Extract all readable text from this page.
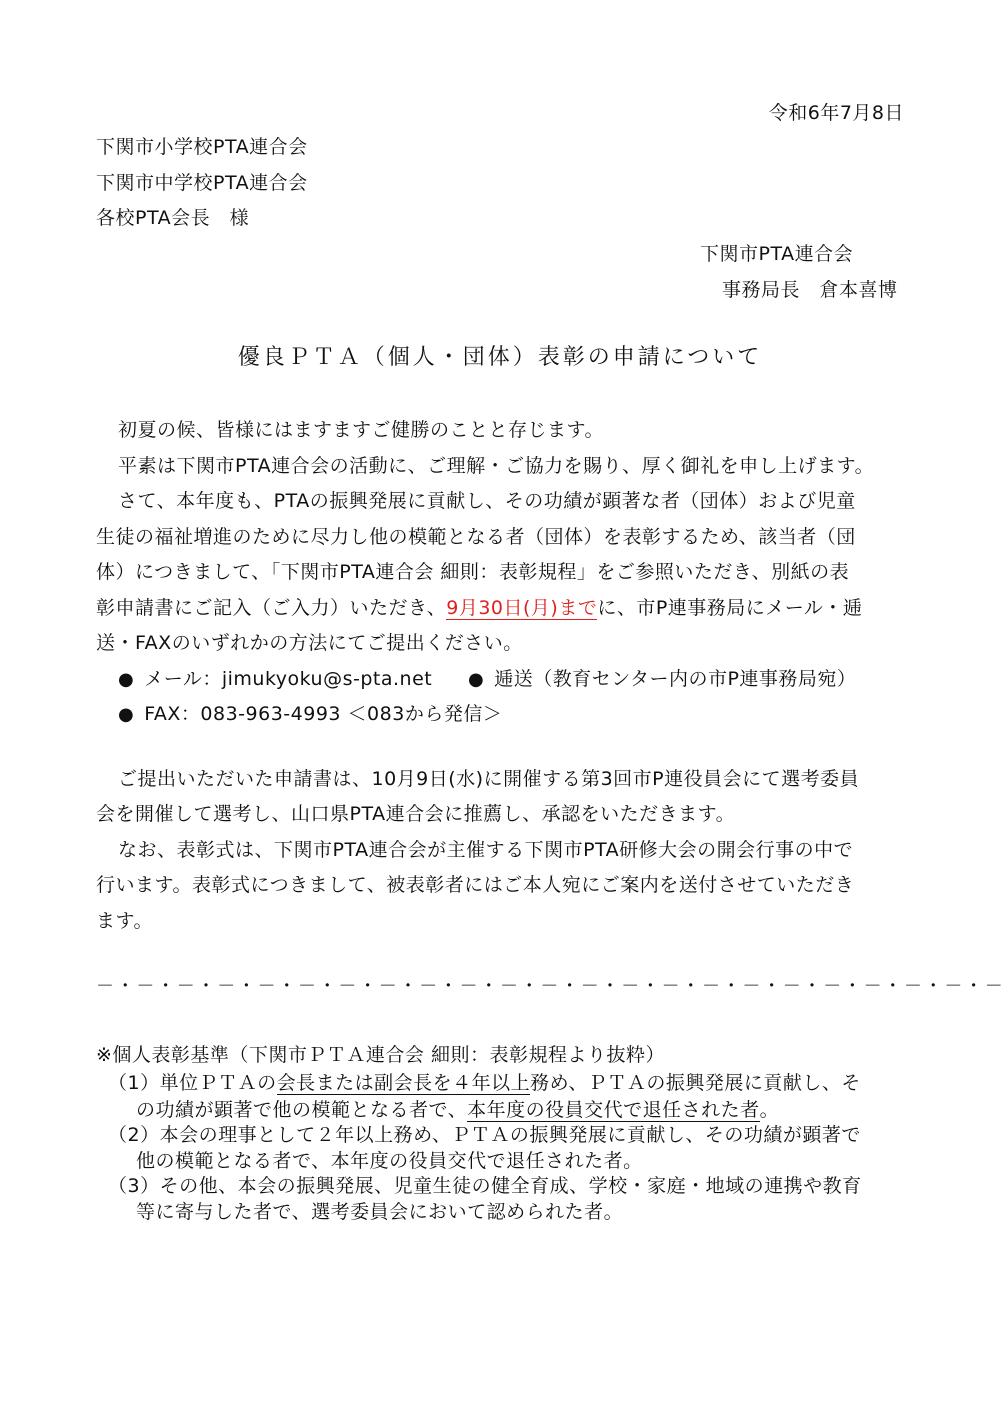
令和6年7月8日
下関市小学校PTA連合会
下関市中学校PTA連合会
各校PTA会長　様
下関市PTA連合会
事務局長　倉本喜博
優良ＰＴＡ（個人・団体）表彰の申請について
初夏の候、皆様にはますますご健勝のことと存じます。
平素は下関市PTA連合会の活動に、ご理解・ご協力を賜り、厚く御礼を申し上げます。
さて、本年度も、PTAの振興発展に貢献し、その功績が顕著な者（団体）および児童
生徒の福祉増進のために尽力し他の模範となる者（団体）を表彰するため、該当者（団
体）につきまして、「下関市PTA連合会 細則：表彰規程」をご参照いただき、別紙の表
彰申請書にご記入（ご入力）いただき、9月30日(月)までに、市P連事務局にメール・逓
送・FAXのいずれかの方法にてご提出ください。
● メール：jimukyoku@s-pta.net ● 逓送（教育センター内の市P連事務局宛）
● FAX：083-963-4993 ＜083から発信＞
ご提出いただいた申請書は、10月9日(水)に開催する第3回市P連役員会にて選考委員
会を開催して選考し、山口県PTA連合会に推薦し、承認をいただきます。
なお、表彰式は、下関市PTA連合会が主催する下関市PTA研修大会の開会行事の中で
行います。表彰式につきまして、被表彰者にはご本人宛にご案内を送付させていただき
ます。
－・－・－・－・－・－・－・－・－・－・－・－・－・－・－・－・－・－・－・－・－・－・－
※個人表彰基準（下関市ＰＴＡ連合会 細則：表彰規程より抜粋）
（1）単位ＰＴＡの会長または副会長を４年以上務め、ＰＴＡの振興発展に貢献し、そ
の功績が顕著で他の模範となる者で、本年度の役員交代で退任された者。
（2）本会の理事として２年以上務め、ＰＴＡの振興発展に貢献し、その功績が顕著で
他の模範となる者で、本年度の役員交代で退任された者。
（3）その他、本会の振興発展、児童生徒の健全育成、学校・家庭・地域の連携や教育
等に寄与した者で、選考委員会において認められた者。
